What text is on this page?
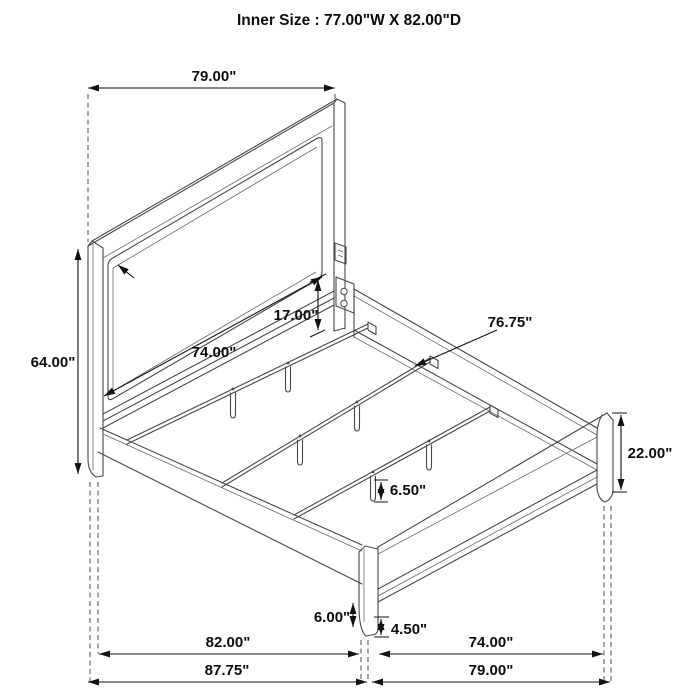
79.00"
64.00"
17.00"
74.00"
76.75"
22.00"
6.50"
6.00"
4.50"
82.00"	74.00"
87.75"	79.00"
Inner Size : 77.00"W X 82.00"D
